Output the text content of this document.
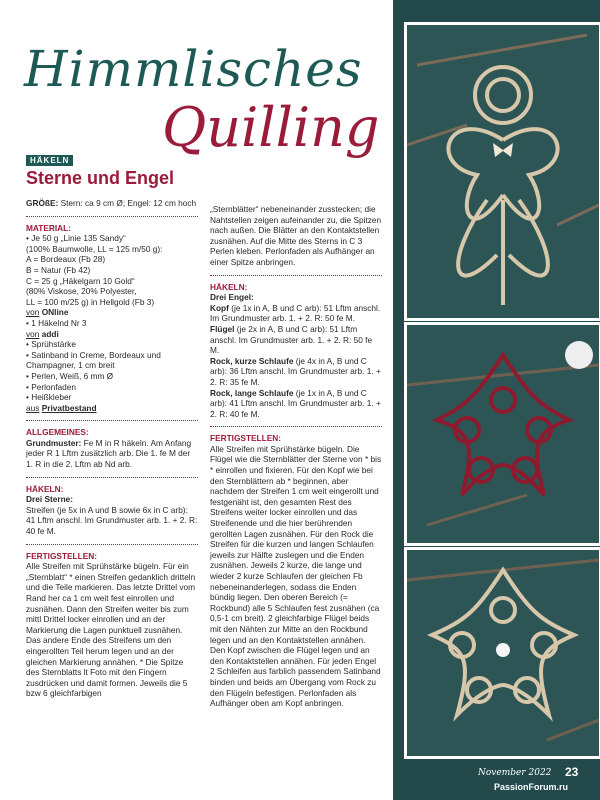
Himmlisches
Quilling
HÄKELN
Sterne und Engel

GRÖßE: Stern: ca 9 cm Ø; Engel: 12 cm hoch

MATERIAL:
• Je 50 g „Linie 135 Sandy“
(100% Baumwolle, LL = 125 m/50 g):
A = Bordeaux (Fb 28)
B = Natur (Fb 42)
C = 25 g „Häkelgarn 10 Gold“
(80% Viskose, 20% Polyester,
LL = 100 m/25 g) in Hellgold (Fb 3)
von ONline
• 1 Häkelnd Nr 3
von addi
• Sprühstärke
• Satinband in Creme, Bordeaux und Champagner, 1 cm breit
• Perlen, Weiß, 6 mm Ø
• Perlonfaden
• Heißkleber

aus Privatbestand

ALLGEMEINES:

Grundmuster: Fe M in R häkeln. Am Anfang jeder R 1 Lftm zusätzlich arb. Die 1. fe M der 1. R in die 2. Lftm ab Nd arb.

HÄKELN:
Drei Sterne:

Streifen (je 5x in A und B sowie 6x in C arb): 41 Lftm anschl. Im Grundmuster arb. 1. + 2. R: 40 fe M.

FERTIGSTELLEN:

Alle Streifen mit Sprühstärke bügeln. Für ein „Sternblatt“ * einen Streifen gedanklich dritteln und die Teile markieren. Das letzte Drittel vom Rand her ca 1 cm weit fest einrollen und zusnähen. Dann den Streifen weiter bis zum mittl Drittel locker einrollen und an der Markierung die Lagen punktuell zusnähen. Das andere Ende des Streifens um den eingerollten Teil herum legen und an der gleichen Markierung annähen. * Die Spitze des Sternblatts lt Foto mit den Fingern zusdrücken und damit formen. Jeweils die 5 bzw 6 gleichfarbigen

„Sternblätter“ nebeneinander zusstecken; die Nahtstellen zeigen aufeinander zu, die Spitzen nach außen. Die Blätter an den Kontaktstellen zusnähen. Auf die Mitte des Sterns in C 3 Perlen kleben. Perlonfaden als Aufhänger an einer Spitze anbringen.

HÄKELN:
Drei Engel:
Kopf (je 1x in A, B und C arb): 51 Lftm anschl. Im Grundmuster arb. 1. + 2. R: 50 fe M.
Flügel (je 2x in A, B und C arb): 51 Lftm anschl. Im Grundmuster arb. 1. + 2. R: 50 fe M.
Rock, kurze Schlaufe (je 4x in A, B und C arb): 36 Lftm anschl. Im Grundmuster arb. 1. + 2. R: 35 fe M.

Rock, lange Schlaufe (je 1x in A, B und C arb): 41 Lftm anschl. Im Grundmuster arb. 1. + 2. R: 40 fe M.

FERTIGSTELLEN:

Alle Streifen mit Sprühstärke bügeln. Die Flügel wie die Sternblätter der Sterne von * bis * einrollen und fixieren. Für den Kopf wie bei den Sternblättern ab * beginnen, aber nachdem der Streifen 1 cm weit eingerollt und festgenäht ist, den gesamten Rest des Streifens weiter locker einrollen und das Streifenende und die hier berührenden gerollten Lagen zusnähen. Für den Rock die Streifen für die kurzen und langen Schlaufen jeweils zur Hälfte zuslegen und die Enden zusnähen. Jeweils 2 kurze, die lange und wieder 2 kurze Schlaufen der gleichen Fb nebeneinanderlegen, sodass die Enden bündig liegen. Den oberen Bereich (= Rockbund) alle 5 Schlaufen fest zusnähen (ca 0,5-1 cm breit). 2 gleichfarbige Flügel beids mit den Nähten zur Mitte an den Rockbund legen und an den Kontaktstellen annähen. Den Kopf zwischen die Flügel legen und an den Kontaktstellen annähen. Für jeden Engel 2 Schleifen aus farblich passendem Satinband binden und beids am Übergang vom Rock zu den Flügeln befestigen. Perlonfaden als Aufhänger oben am Kopf anbringen.

November 2022 23
PassionForum.ru
